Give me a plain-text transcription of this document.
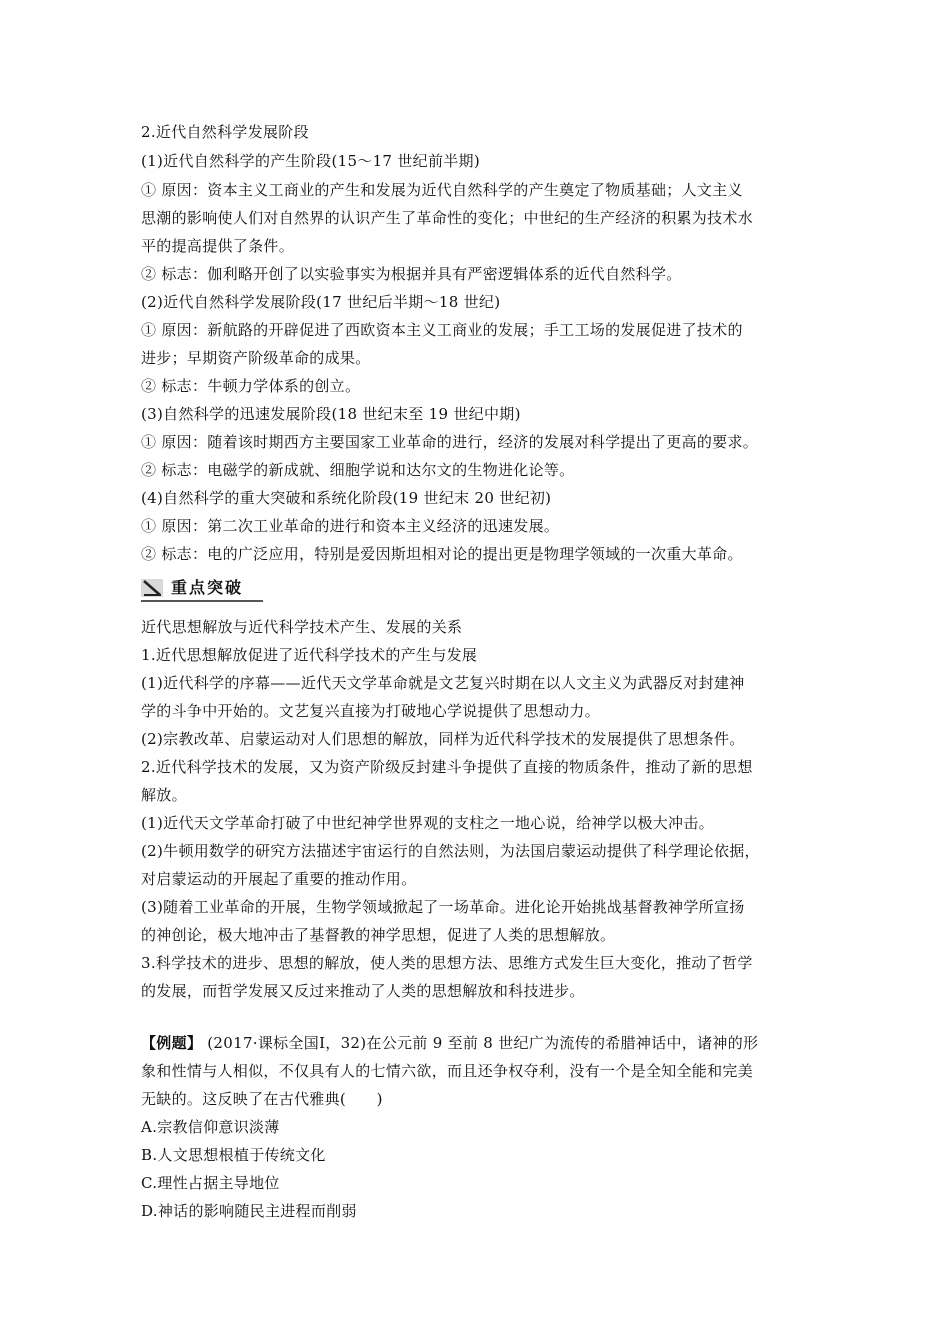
2.近代自然科学发展阶段
(1)近代自然科学的产生阶段(15～17 世纪前半期)
① 原因：资本主义工商业的产生和发展为近代自然科学的产生奠定了物质基础；人文主义
思潮的影响使人们对自然界的认识产生了革命性的变化；中世纪的生产经济的积累为技术水
平的提高提供了条件。
② 标志：伽利略开创了以实验事实为根据并具有严密逻辑体系的近代自然科学。
(2)近代自然科学发展阶段(17 世纪后半期～18 世纪)
① 原因：新航路的开辟促进了西欧资本主义工商业的发展；手工工场的发展促进了技术的
进步；早期资产阶级革命的成果。
② 标志：牛顿力学体系的创立。
(3)自然科学的迅速发展阶段(18 世纪末至 19 世纪中期)
① 原因：随着该时期西方主要国家工业革命的进行，经济的发展对科学提出了更高的要求。
② 标志：电磁学的新成就、细胞学说和达尔文的生物进化论等。
(4)自然科学的重大突破和系统化阶段(19 世纪末 20 世纪初)
① 原因：第二次工业革命的进行和资本主义经济的迅速发展。
② 标志：电的广泛应用，特别是爱因斯坦相对论的提出更是物理学领域的一次重大革命。
重点突破
近代思想解放与近代科学技术产生、发展的关系
1.近代思想解放促进了近代科学技术的产生与发展
(1)近代科学的序幕——近代天文学革命就是文艺复兴时期在以人文主义为武器反对封建神
学的斗争中开始的。文艺复兴直接为打破地心学说提供了思想动力。
(2)宗教改革、启蒙运动对人们思想的解放，同样为近代科学技术的发展提供了思想条件。
2.近代科学技术的发展，又为资产阶级反封建斗争提供了直接的物质条件，推动了新的思想
解放。
(1)近代天文学革命打破了中世纪神学世界观的支柱之一地心说，给神学以极大冲击。
(2)牛顿用数学的研究方法描述宇宙运行的自然法则，为法国启蒙运动提供了科学理论依据，
对启蒙运动的开展起了重要的推动作用。
(3)随着工业革命的开展，生物学领域掀起了一场革命。进化论开始挑战基督教神学所宣扬
的神创论，极大地冲击了基督教的神学思想，促进了人类的思想解放。
3.科学技术的进步、思想的解放，使人类的思想方法、思维方式发生巨大变化，推动了哲学
的发展，而哲学发展又反过来推动了人类的思想解放和科技进步。
【例题】 (2017·课标全国Ⅰ，32)在公元前 9 至前 8 世纪广为流传的希腊神话中，诸神的形
象和性情与人相似，不仅具有人的七情六欲，而且还争权夺利，没有一个是全知全能和完美
无缺的。这反映了在古代雅典(　　)
A.宗教信仰意识淡薄
B.人文思想根植于传统文化
C.理性占据主导地位
D.神话的影响随民主进程而削弱
